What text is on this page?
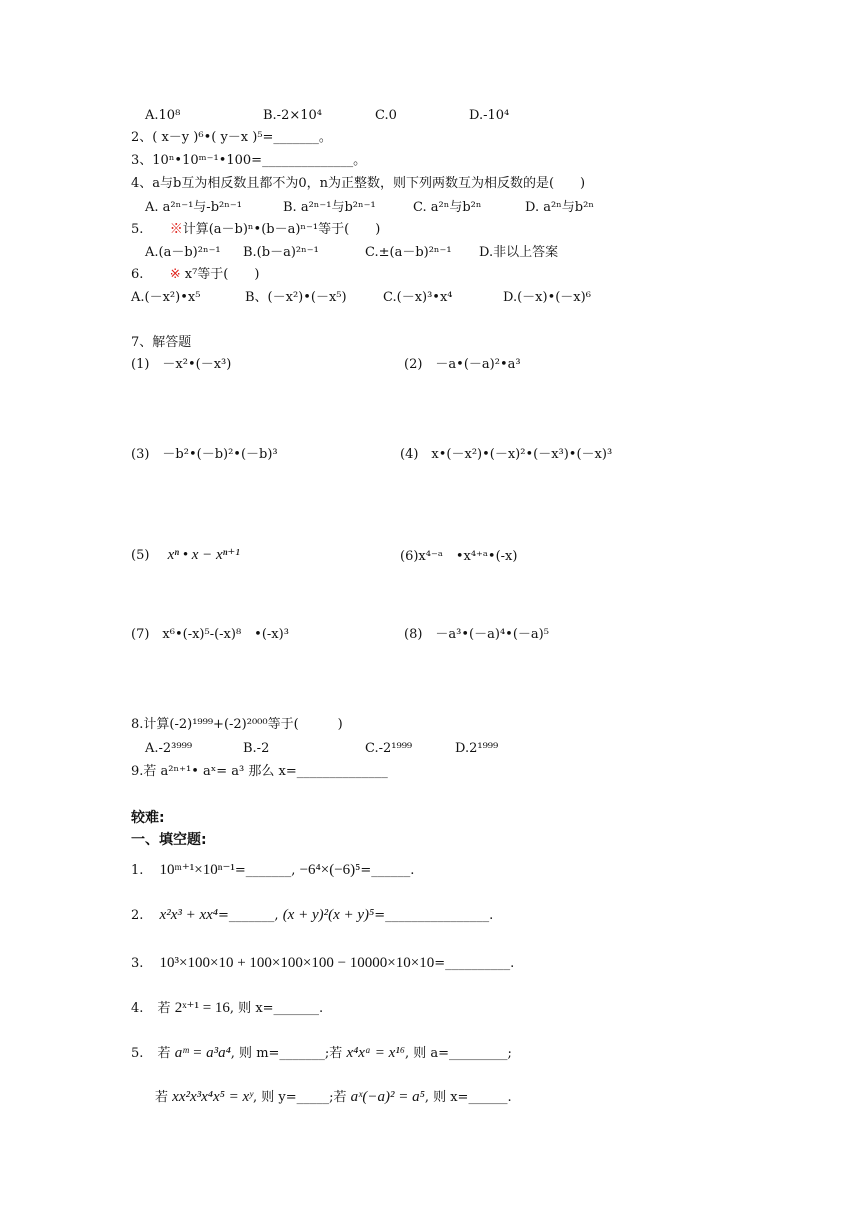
A.10⁸	B.-2×10⁴	C.0	D.-10⁴
2、( x－y )⁶•( y－x )⁵=_______。
3、10ⁿ•10ᵐ⁻¹•100=______________。
4、a与b互为相反数且都不为0，n为正整数，则下列两数互为相反数的是(　　)
A. a²ⁿ⁻¹与-b²ⁿ⁻¹	B. a²ⁿ⁻¹与b²ⁿ⁻¹	C. a²ⁿ与b²ⁿ	D. a²ⁿ与b²ⁿ
5. ※计算(a－b)ⁿ•(b－a)ⁿ⁻¹等于(　　)
A.(a－b)²ⁿ⁻¹ B.(b－a)²ⁿ⁻¹	C.±(a－b)²ⁿ⁻¹ D.非以上答案
6. ※ x⁷等于(　　)
A.(－x²)•x⁵	B、(－x²)•(－x⁵)	C.(－x)³•x⁴	D.(－x)•(－x)⁶
7、解答题
(1)　－x²•(－x³)	(2)　－a•(－a)²•a³
(3)　－b²•(－b)²•(－b)³	(4)　x•(－x²)•(－x)²•(－x³)•(－x)³
(5) xⁿ • x − xⁿ⁺¹	(6)x⁴⁻ᵃ　•x⁴⁺ᵃ•(-x)
(7)　x⁶•(-x)⁵-(-x)⁸　•(-x)³	(8)　－a³•(－a)⁴•(－a)⁵
8.计算(-2)¹⁹⁹⁹+(-2)²⁰⁰⁰等于(　　　)
A.-2³⁹⁹⁹	B.-2	C.-2¹⁹⁹⁹	D.2¹⁹⁹⁹
9.若 a²ⁿ⁺¹• aˣ= a³ 那么 x=______________
较难:
一、填空题:
1. 10ᵐ⁺¹×10ⁿ⁻¹=_______, −6⁴×(−6)⁵=______.
2. x²x³ + xx⁴=_______, (x + y)²(x + y)⁵=________________.
3. 10³×100×10 + 100×100×100 − 10000×10×10=__________.
4. 若 2ˣ⁺¹ = 16, 则 x=_______.
5. 若 aᵐ = a³a⁴, 则 m=_______;若 x⁴xᵃ = x¹⁶, 则 a=_________;
若 xx²x³x⁴x⁵ = xʸ, 则 y=_____;若 aˣ(−a)² = a⁵, 则 x=______.
